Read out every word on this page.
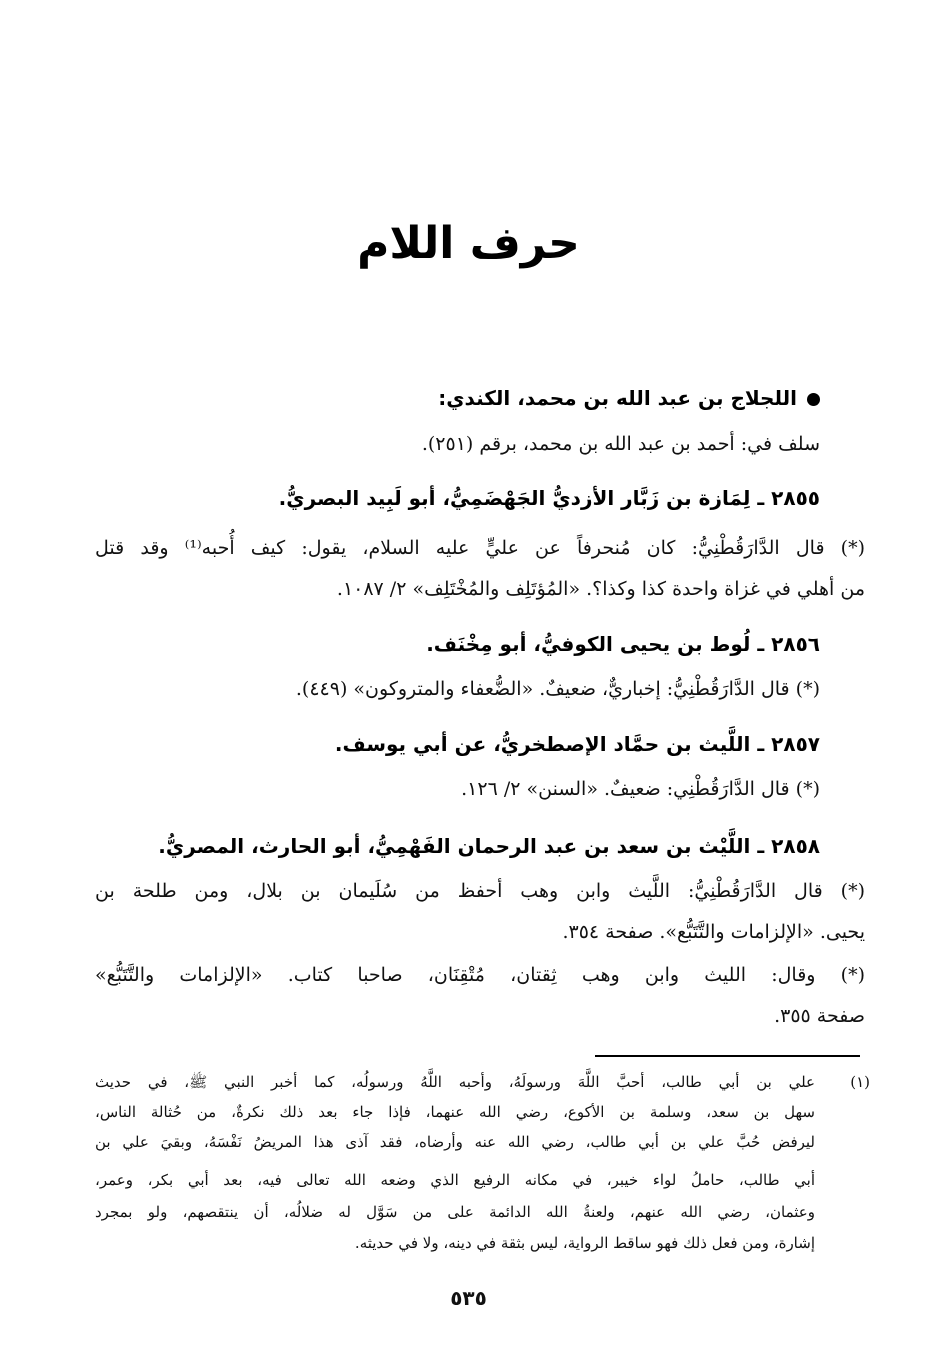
حرف اللام
اللجلاج بن عبد الله بن محمد، الكندي:
سلف في: أحمد بن عبد الله بن محمد، برقم (٢٥١).
٢٨٥٥ ـ لِمَازة بن زَبَّار الأزديُّ الجَهْضَمِيُّ، أبو لَبِيد البصريُّ.
(*) قال الدَّارَقُطْنِيُّ: كان مُنحرفاً عن عليٍّ عليه السلام، يقول: كيف أُحبه⁽¹⁾ وقد قتل
من أهلي في غزاة واحدة كذا وكذا؟. «المُؤتَلِف والمُخْتَلِف» ٢/ ١٠٨٧.
٢٨٥٦ ـ لُوط بن يحيى الكوفيُّ، أبو مِخْنَف.
(*) قال الدَّارَقُطْنِيُّ: إخباريٌّ، ضعيفٌ. «الضُّعفاء والمتروكون» (٤٤٩).
٢٨٥٧ ـ اللَّيث بن حمَّاد الإصطخريُّ، عن أبي يوسف.
(*) قال الدَّارَقُطْنِي: ضعيفٌ. «السنن» ٢/ ١٢٦.
٢٨٥٨ ـ اللَّيْث بن سعد بن عبد الرحمان الفَهْمِيُّ، أبو الحارث، المصريُّ.
(*) قال الدَّارَقُطْنِيُّ: اللَّيث وابن وهب أحفظ من سُلَيمان بن بلال، ومن طلحة بن
يحيى. «الإلزامات والتَّتَبُّع». صفحة ٣٥٤.
(*) وقال: الليث وابن وهب ثِقتان، مُتْقِنَان، صاحبا كتاب. «الإلزامات والتَّتَبُّع»
صفحة ٣٥٥.
(١)
علي بن أبي طالب، أحبَّ اللَّهَ ورسولَهُ، وأحبه اللَّهُ ورسولُه، كما أخبر النبي ﷺ، في حديث
سهل بن سعد، وسلمة بن الأكوع، رضي الله عنهما، فإذا جاء بعد ذلك نكرةٌ، من حُثالة الناس،
ليرفض حُبَّ علي بن أبي طالب، رضي الله عنه وأرضاه، فقد آذى هذا المريضُ نَفْسَهُ، وبقيَ علي بن
أبي طالب، حاملُ لواء خيبر، في مكانه الرفيع الذي وضعه الله تعالى فيه، بعد أبي بكر، وعمر،
وعثمان، رضي الله عنهم، ولعنةُ الله الدائمة على من سَوَّل له ضلالُه، أن ينتقصهم، ولو بمجرد
إشارة، ومن فعل ذلك فهو ساقط الرواية، ليس بثقة في دينه، ولا في حديثه.
٥٣٥
